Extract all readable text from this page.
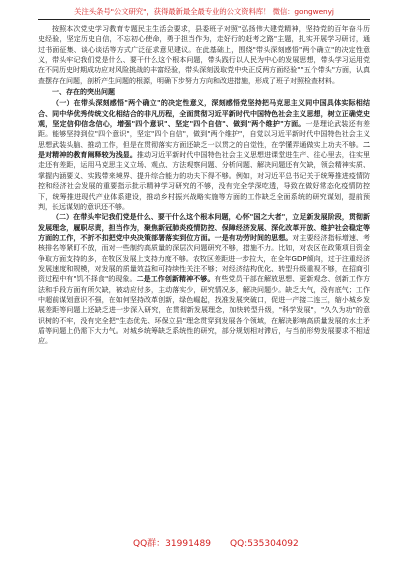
关注头条号"公文研究"，获得最新最全最专业的公文资料库！ 微信：gongwenyj

按照本次党史学习教育专题民主生活会要求，县委班子对照"弘扬伟大建党精神，坚持党的百年奋斗历史经验，坚定历史自信，不忘初心使命，勇于担当作为，走好行的赶考之路"主题，扎实开展学习研讨，通过书面征集、谈心谈话等方式广泛征求意见建议。在此基础上，围绕"带头深刻感悟"两个确立"的决定性意义，带头牢记我们党是什么、要干什么这个根本问题，带头践行以人民为中心的发展思想，带头学习运用党在不同历史时期成功应对风险挑战的丰富经验，带头深刻汲取党中央正反两方面经验""五个带头"方面，认真查摆存在问题，剖析产生问题的根源，明确下步努力方向和改进措施，形成了班子对照检查材料。

一、存在的突出问题

（一）在带头深刻感悟"两个确立"的决定性意义，深刻感悟党坚持把马克思主义同中国具体实际相结合、同中华优秀传统文化相结合的非凡历程，全面贯彻习近平新时代中国特色社会主义思想，树立正确党史观，坚定信仰信念信心，增强"四个意识"、坚定"四个自信"、做到"两个维护"方面。一是理论武装还有差距。能够坚持到位"四个意识"，坚定"四个自信"，做到"两个维护"，自觉以习近平新时代中国特色社会主义思想武装头脑、推动工作，但是在贯彻落实方面还缺乏一以贯之的自觉性，在学懂弄通做实上功夫不够。二是对精神的教育阐释较为浅显。推动习近平新时代中国特色社会主义思想进课堂进生产、往心里去，往实里走还有差距，运用马克思主义立场、观点、方法观察问题、分析问题、解决问题还有欠缺，领会精神实质、掌握内涵要义、实践带来境界、提升综合能力的功夫下得不够。例如，对习近平总书记关于统筹推进疫情防控和经济社会发展的重要指示批示精神学习研究的不够，没有完全学深吃透，导致在做好常态化疫情防控下，统筹推进现代产业体系建设，推动乡村振兴战略实施等方面的工作缺乏全面系统的研究谋划，提前预判，长远谋划的意识还不够。

（二）在带头牢记我们党是什么、要干什么这个根本问题，心怀"国之大者"，立足新发展阶段，贯彻新发展理念，履职尽责，担当作为，聚焦新冠肺炎疫情防控、保障经济发展、深化改革开放、维护社会稳定等方面的工作，不折不扣把党中央决策部署落实到位方面。一是有功劳时间的思想。对主要经济指标增速、考核排名等紧盯不放，而对一些制约高质量的深层次问题研究不够，措施不力。比如，对农区在政策项目资金争取方面支持的多，在牧区发展上支持力度不够。农牧区差距进一步拉大，在全年GDP倾向，过于注重经济发展速度和规模，对发展的质量效益和可持续性关注不够；对经济结构优化、转型升级重视不够，在招商引资过程中有"饥不择食"的现象。二是工作创新精神不够。有些党员干部在解放思想、更新观念、创新工作方法和手段方面有所欠缺，被动应付多，主动落实少，研究情况多，解决问题少。缺乏大气，没有底气；工作中超前谋划意识不强，在如何坚持改革创新，绿色崛起，找准发展突破口，促进一产接二连三，缩小城乡发展差距等问题上还缺乏进一步深入研究，在贯彻新发展理念，加快转型升级，"科学发展"，"久久为功"的意识树的不牢，没有完全把"生态优先、环保立县"理念贯穿到发展各个领域，在解决影响高质量发展的水土矛盾等问题上仍需下大力气。对城乡统筹缺乏系统性的研究，部分规划相对滞后，与当前形势发展要求不相适应。

QQ群：31991489 QQ:535304092
